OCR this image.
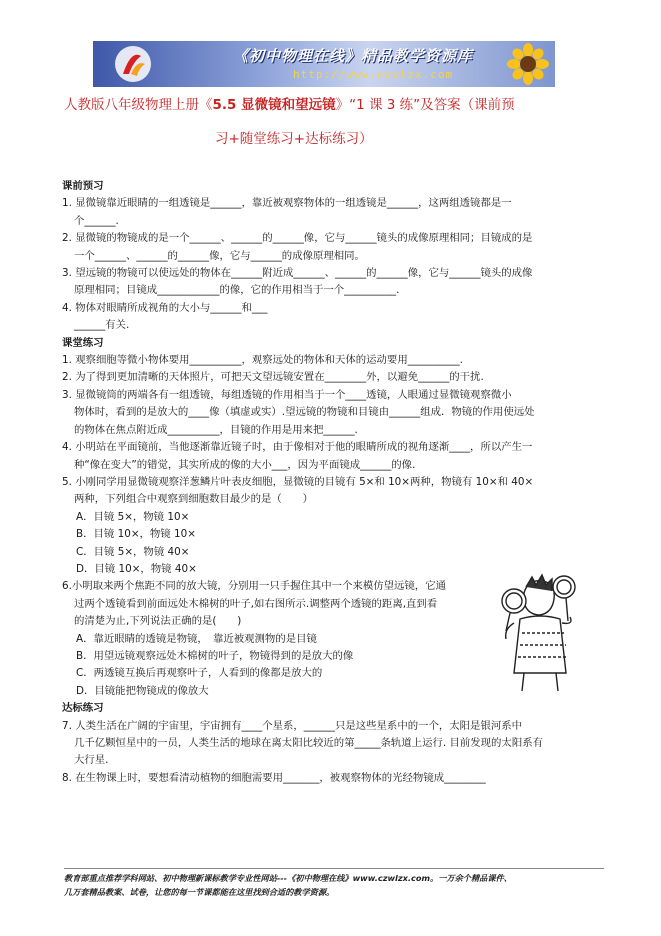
《初中物理在线》精品教学资源库
http://www.czwlzx.com
人教版八年级物理上册《5.5 显微镜和望远镜》“1 课 3 练”及答案（课前预
习+随堂练习+达标练习）

课前预习

1. 显微镜靠近眼睛的一组透镜是______，靠近被观察物体的一组透镜是______，这两组透镜都是一

个______.

2. 显微镜的物镜成的是一个______、______的______像，它与______镜头的成像原理相同；目镜成的是

一个______、______的______像，它与______的成像原理相同。

3. 望远镜的物镜可以使远处的物体在______附近成______、______的______像，它与______镜头的成像

原理相同；目镜成____________的像，它的作用相当于一个__________.

4. 物体对眼睛所成视角的大小与______和___

______有关.

课堂练习

1. 观察细胞等微小物体要用__________，观察远处的物体和天体的运动要用__________.

2. 为了得到更加清晰的天体照片，可把天文望远镜安置在________外，以避免______的干扰.

3. 显微镜筒的两端各有一组透镜，每组透镜的作用相当于一个____透镜，人眼通过显微镜观察微小

物体时，看到的是放大的____像（填虚或实）.望远镜的物镜和目镜由______组成．物镜的作用使远处

的物体在焦点附近成__________，目镜的作用是用来把______.

4. 小明站在平面镜前，当他逐渐靠近镜子时，由于像相对于他的眼睛所成的视角逐渐____，所以产生一

种“像在变大”的错觉，其实所成的像的大小___，因为平面镜成______的像.

5. 小刚同学用显微镜观察洋葱鳞片叶表皮细胞，显微镜的目镜有 5×和 10×两种，物镜有 10×和 40×

两种，下列组合中观察到细胞数目最少的是（　　）

A．目镜 5×，物镜 10×

B．目镜 10×，物镜 10×

C．目镜 5×，物镜 40×

D．目镜 10×，物镜 40×

6.小明取来两个焦距不同的放大镜，分别用一只手握住其中一个来模仿望远镜，它通

过两个透镜看到前面远处木棉树的叶子,如右图所示.调整两个透镜的距离,直到看

的清楚为止,下列说法正确的是(　　)

A．靠近眼睛的透镜是物镜，　靠近被观测物的是目镜

B．用望远镜观察远处木棉树的叶子，物镜得到的是放大的像

C．两透镜互换后再观察叶子，人看到的像都是放大的

D．目镜能把物镜成的像放大

达标练习

7. 人类生活在广阔的宇宙里，宇宙拥有____个星系，______只是这些星系中的一个，太阳是银河系中

几千亿颗恒星中的一员，人类生活的地球在离太阳比较近的第_____条轨道上运行. 目前发现的太阳系有

大行星.

8. 在生物课上时，要想看清动植物的细胞需要用_______，被观察物体的光经物镜成________

教育部重点推荐学科网站、初中物理新课标教学专业性网站---《初中物理在线》www.czwlzx.com。一万余个精品课件、

几万套精品教案、试卷，让您的每一节课都能在这里找到合适的教学资源。
